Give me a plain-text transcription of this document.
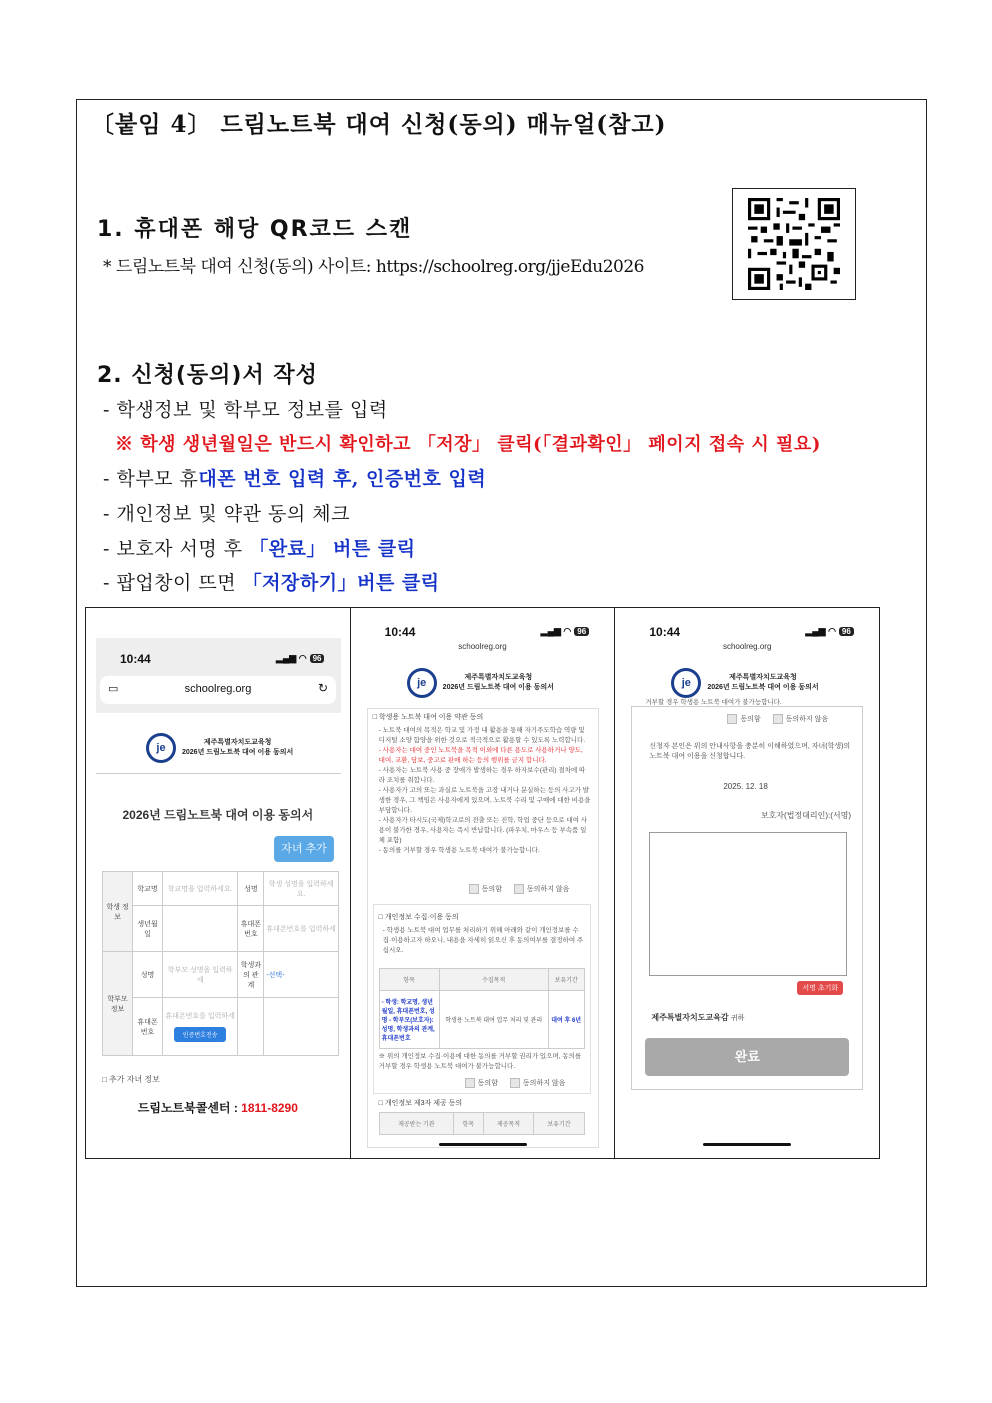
〔붙임 4〕 드림노트북 대여 신청(동의) 매뉴얼(참고)
1. 휴대폰 해당 QR코드 스캔
* 드림노트북 대여 신청(동의) 사이트: https://schoolreg.org/jjeEdu2026
2. 신청(동의)서 작성
- 학생정보 및 학부모 정보를 입력
※ 학생 생년월일은 반드시 확인하고 「저장」 클릭(「결과확인」 페이지 접속 시 필요)
- 학부모 휴대폰 번호 입력 후, 인증번호 입력
- 개인정보 및 약관 동의 체크
- 보호자 서명 후 「완료」 버튼 클릭
- 팝업창이 뜨면 「저장하기」버튼 클릭
10:44	▂▄▆ ◠ 96
▭	schoolreg.org	↻
je	제주특별자치도교육청
2026년 드림노트북 대여 이용 동의서
2026년 드림노트북 대여 이용 동의서
자녀 추가
학생 정보	학교명	학교명을 입력하세요.	성명	학생 성명을 입력하세요.
	생년월일		휴대폰번호	휴대폰번호를 입력하세
학부모 정보	성명	학부모 성명을 입력하세	학생과의 관계	-선택-
	휴대폰번호	휴대폰번호를 입력하세
인증번호전송		

□ 추가 자녀 정보
드림노트북콜센터 : 1811-8290
10:44	▂▄▆ ◠ 96
schoolreg.org
je	제주특별자치도교육청
2026년 드림노트북 대여 이용 동의서
□ 학생용 노트북 대여 이용 약관 동의
- 노트북 대여의 목적은 학교 및 가정 내 활용을 통해 자기주도학습 역량 및 디지털 소양 함양을 위한 것으로 적극적으로 활용할 수 있도록 노력합니다.
- 사용자는 대여 중인 노트북을 목적 이외에 다른 용도로 사용하거나 양도, 대여, 교환, 담보, 중고로 판매 하는 등의 행위를 금지 합니다.
- 사용자는 노트북 사용 중 장애가 발생하는 경우 하자보수(관리) 절차에 따라 조치를 취합니다.
- 사용자가 고의 또는 과실로 노트북을 고장 내거나 분실하는 등의 사고가 발생한 경우, 그 책임은 사용자에게 있으며, 노트북 수리 및 구매에 대한 비용을 부담합니다.
- 사용자가 타시도(국제)학교로의 전출 또는 진학, 학업 중단 등으로 대여 사용이 불가한 경우, 사용자는 즉시 반납합니다. (파우치, 마우스 등 부속품 일체 포함)
- 동의를 거부할 경우 학생용 노트북 대여가 불가능합니다.
동의함	동의하지 않음
□ 개인정보 수집·이용 동의
- 학생용 노트북 대여 업무를 처리하기 위해 아래와 같이 개인정보를 수집·이용하고자 하오니, 내용을 자세히 읽으신 후 동의여부를 결정하여 주십시오.
항목	수집목적	보유기간
- 학생: 학교명, 생년월일, 휴대폰번호, 성명 - 학부모(보호자): 성명, 학생과의 관계, 휴대폰번호	학생용 노트북 대여 업무 처리 및 관리	대여 후 6년
※ 위의 개인정보 수집·이용에 대한 동의를 거부할 권리가 있으며, 동의를 거부할 경우 학생용 노트북 대여가 불가능합니다.
동의함	동의하지 않음
□ 개인정보 제3자 제공 동의
제공받는 기관	항목	제공목적	보유기간
10:44	▂▄▆ ◠ 96
schoolreg.org
je	제주특별자치도교육청
2026년 드림노트북 대여 이용 동의서
거부할 경우 학생용 노트북 대여가 불가능합니다.
동의함	동의하지 않음
신청자 본인은 위의 안내사항을 충분히 이해하였으며, 자녀(학생)의 노트북 대여 이용을 신청합니다.
2025. 12. 18
보호자(법정대리인):(서명)
서명 초기화
제주특별자치도교육감 귀하
완료
